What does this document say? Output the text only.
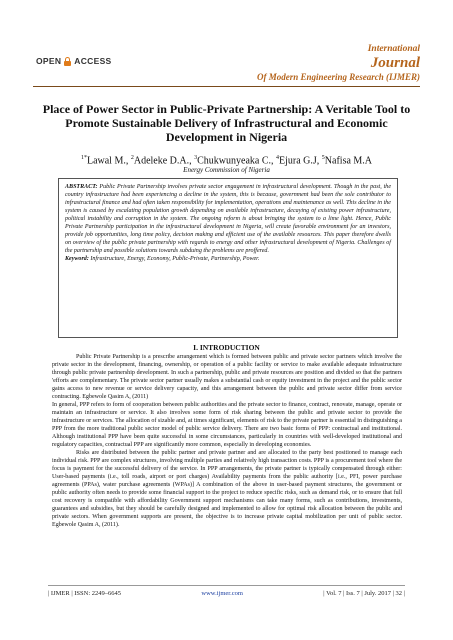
OPEN ACCESS
International
Journal
Of Modern Engineering Research (IJMER)
Place of Power Sector in Public-Private Partnership: A Veritable Tool to Promote Sustainable Delivery of Infrastructural and Economic Development in Nigeria
$^{1*}$Lawal M., $^2$Adeleke D.A., $^3$Chukwunyeaka C., $^4$Ejura G.J, $^5$Nafisa M.A
Energy Commission of Nigeria
ABSTRACT: Public Private Partnership involves private sector engagement in infrastructural development. Though in the past, the country infrastructure had been experiencing a decline in the system, this is because, government had been the sole contributor to infrastructural finance and had often taken responsibility for implementation, operations and maintenance as well. This decline in the system is caused by escalating population growth depending on available infrastructure, decaying of existing power infrastructure, political instability and corruption in the system. The ongoing reform is about bringing the system to a lime light. Hence, Public Private Partnership participation in the infrastructural development in Nigeria, will create favorable environment for an investors, provide job opportunities, long time policy, decision making and efficient use of the available resources. This paper therefore dwells on overview of the public private partnership with regards to energy and other infrastructural development of Nigeria. Challenges of the partnership and possible solutions towards subduing the problems are proffered.
Keyword: Infrastructure, Energy, Economy, Public-Private, Partnership, Power.
I. INTRODUCTION

Public Private Partnership is a prescribe arrangement which is formed between public and private sector partners which involve the private sector in the development, financing, ownership, or operation of a public facility or service to make available adequate infrastructure through public private partnership development. In such a partnership, public and private resources are position and divided so that the partners 'efforts are complementary. The private sector partner usually makes a substantial cash or equity investment in the project and the public sector gains access to new revenue or service delivery capacity, and this arrangement between the public and private sector differ from service contracting. Egbewole Qasim A, (2011)

In general, PPP refers to form of cooperation between public authorities and the private sector to finance, contract, renovate, manage, operate or maintain an infrastructure or service. It also involves some form of risk sharing between the public and private sector to provide the infrastructure or services. The allocation of sizable and, at times significant, elements of risk to the private partner is essential in distinguishing a PPP from the more traditional public sector model of public service delivery. There are two basic forms of PPP: contractual and institutional. Although institutional PPP have been quite successful in some circumstances, particularly in countries with well-developed institutional and regulatory capacities, contractual PPP are significantly more common, especially in developing economies.

Risks are distributed between the public partner and private partner and are allocated to the party best positioned to manage each individual risk. PPP are complex structures, involving multiple parties and relatively high transaction costs. PPP is a procurement tool where the focus is payment for the successful delivery of the service. In PPP arrangements, the private partner is typically compensated through either: User-based payments (i.e., toll roads, airport or port charges) Availability payments from the public authority [i.e., PFI, power purchase agreements (PPAs), water purchase agreements (WPAs)] A combination of the above in user-based payment structures, the government or public authority often needs to provide some financial support to the project to reduce specific risks, such as demand risk, or to ensure that full cost recovery is compatible with affordability Government support mechanisms can take many forms, such as contributions, investments, guarantees and subsidies, but they should be carefully designed and implemented to allow for optimal risk allocation between the public and private sectors. When government supports are present, the objective is to increase private capital mobilization per unit of public sector. Egbewole Qasim A, (2011).

| IJMER | ISSN: 2249–6645	www.ijmer.com	| Vol. 7 | Iss. 7 | July. 2017 | 32 |
